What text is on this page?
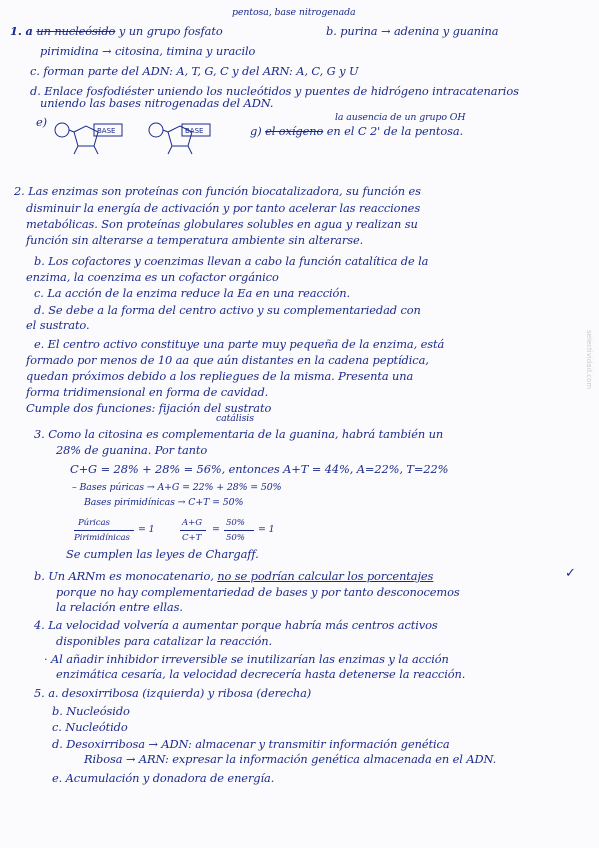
pentosa, base nitrogenada
1. a un nucleósido y un grupo fosfato	b. purina → adenina y guanina
pirimidina → citosina, timina y uracilo
c. forman parte del ADN: A, T, G, C y del ARN: A, C, G y U
d. Enlace fosfodiéster uniendo los nucleótidos y puentes de hidrógeno intracatenarios
uniendo las bases nitrogenadas del ADN.
la ausencia de un grupo OH
e)
BASE	BASE	g) el oxígeno en el C 2' de la pentosa.
2. Las enzimas son proteínas con función biocatalizadora, su función es
disminuir la energía de activación y por tanto acelerar las reacciones
metabólicas. Son proteínas globulares solubles en agua y realizan su
función sin alterarse a temperatura ambiente sin alterarse.
b. Los cofactores y coenzimas llevan a cabo la función catalítica de la
enzima, la coenzima es un cofactor orgánico
c. La acción de la enzima reduce la Ea en una reacción.
d. Se debe a la forma del centro activo y su complementariedad con
el sustrato.
e. El centro activo constituye una parte muy pequeña de la enzima, está
formado por menos de 10 aa que aún distantes en la cadena peptídica,
quedan próximos debido a los repliegues de la misma. Presenta una
forma tridimensional en forma de cavidad.
Cumple dos funciones: fijación del sustrato
catálisis
3. Como la citosina es complementaria de la guanina, habrá también un
28% de guanina. Por tanto
C+G = 28% + 28% = 56%, entonces A+T = 44%, A=22%, T=22%
– Bases púricas → A+G = 22% + 28% = 50%
Bases pirimidínicas → C+T = 50%
Púricas
Pirimidínicas
= 1
A+G
C+T
=
50%
50%
= 1
Se cumplen las leyes de Chargaff.
b. Un ARNm es monocatenario, no se podrían calcular los porcentajes	✓
porque no hay complementariedad de bases y por tanto desconocemos
la relación entre ellas.
4. La velocidad volvería a aumentar porque habría más centros activos
disponibles para catalizar la reacción.
· Al añadir inhibidor irreversible se inutilizarían las enzimas y la acción
enzimática cesaría, la velocidad decrecería hasta detenerse la reacción.
5. a. desoxirribosa (izquierda) y ribosa (derecha)
b. Nucleósido
c. Nucleótido
d. Desoxirribosa → ADN: almacenar y transmitir información genética
Ribosa → ARN: expresar la información genética almacenada en el ADN.
e. Acumulación y donadora de energía.
selectividad.com
